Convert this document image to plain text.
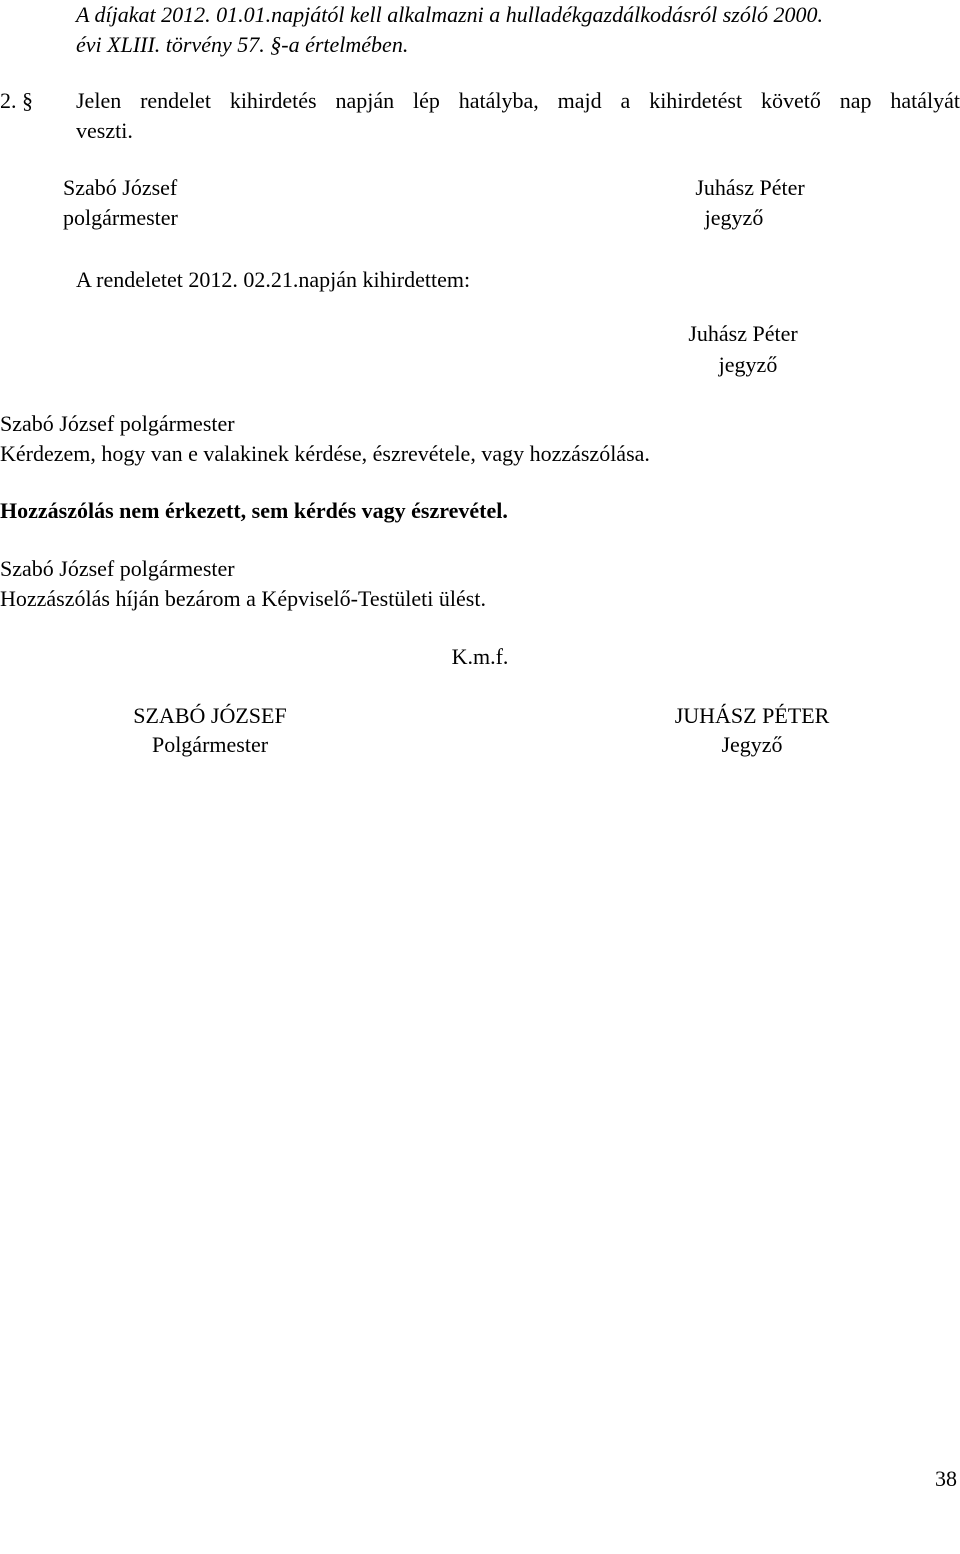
A díjakat 2012. 01.01.napjától kell alkalmazni a hulladékgazdálkodásról szóló 2000.
évi XLIII. törvény 57. §-a értelmében.
2. § Jelen rendelet kihirdetés napján lép hatályba, majd a kihirdetést követő nap hatályát
veszti.
Szabó József
polgármester
Juhász Péter
jegyző
A rendeletet 2012. 02.21.napján kihirdettem:
Juhász Péter
jegyző
Szabó József polgármester
Kérdezem, hogy van e valakinek kérdése, észrevétele, vagy hozzászólása.
Hozzászólás nem érkezett, sem kérdés vagy észrevétel.
Szabó József polgármester
Hozzászólás híján bezárom a Képviselő-Testületi ülést.
K.m.f.
SZABÓ JÓZSEF
Polgármester
JUHÁSZ PÉTER
Jegyző
38
